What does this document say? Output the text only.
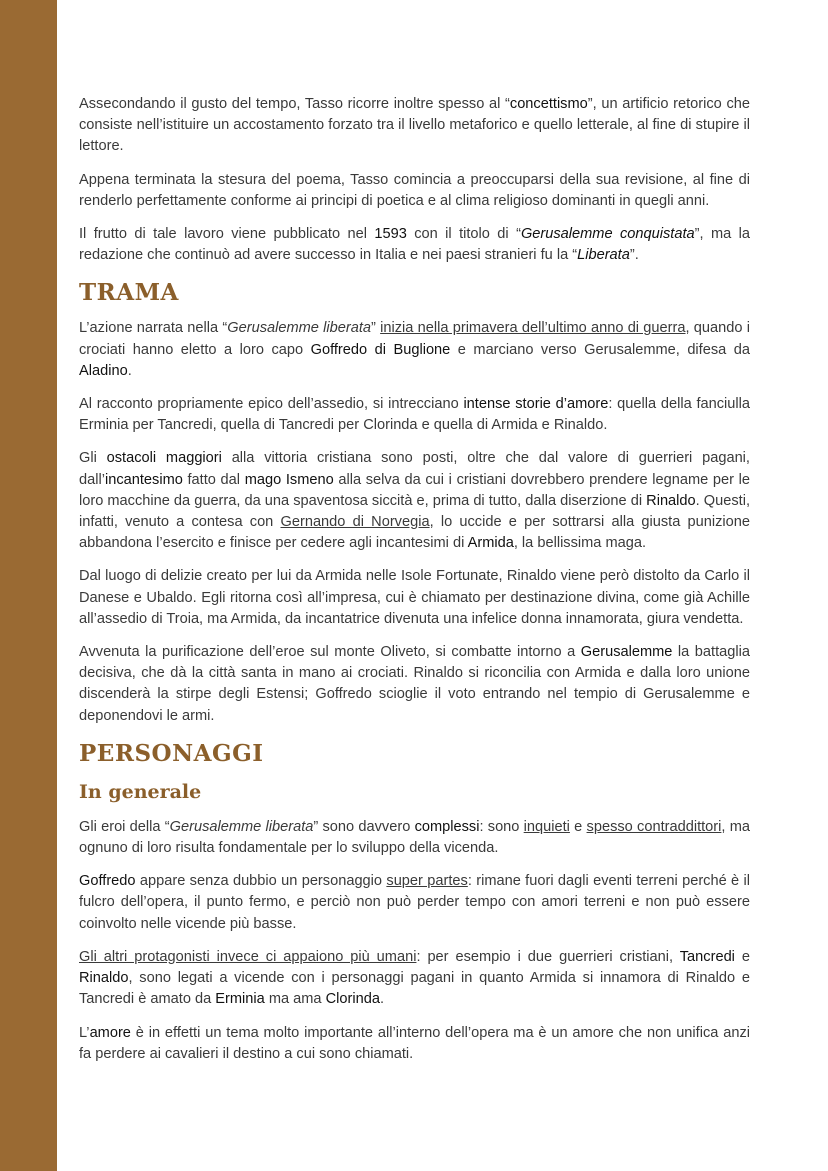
Assecondando il gusto del tempo, Tasso ricorre inoltre spesso al “concettismo”, un artificio retorico che consiste nell’istituire un accostamento forzato tra il livello metaforico e quello letterale, al fine di stupire il lettore.

Appena terminata la stesura del poema, Tasso comincia a preoccuparsi della sua revisione, al fine di renderlo perfettamente conforme ai principi di poetica e al clima religioso dominanti in quegli anni.

Il frutto di tale lavoro viene pubblicato nel 1593 con il titolo di “Gerusalemme conquistata”, ma la redazione che continuò ad avere successo in Italia e nei paesi stranieri fu la “Liberata”.

TRAMA

L’azione narrata nella “Gerusalemme liberata” inizia nella primavera dell’ultimo anno di guerra, quando i crociati hanno eletto a loro capo Goffredo di Buglione e marciano verso Gerusalemme, difesa da Aladino.

Al racconto propriamente epico dell’assedio, si intrecciano intense storie d’amore: quella della fanciulla Erminia per Tancredi, quella di Tancredi per Clorinda e quella di Armida e Rinaldo.

Gli ostacoli maggiori alla vittoria cristiana sono posti, oltre che dal valore di guerrieri pagani, dall’incantesimo fatto dal mago Ismeno alla selva da cui i cristiani dovrebbero prendere legname per le loro macchine da guerra, da una spaventosa siccità e, prima di tutto, dalla diserzione di Rinaldo. Questi, infatti, venuto a contesa con Gernando di Norvegia, lo uccide e per sottrarsi alla giusta punizione abbandona l’esercito e finisce per cedere agli incantesimi di Armida, la bellissima maga.

Dal luogo di delizie creato per lui da Armida nelle Isole Fortunate, Rinaldo viene però distolto da Carlo il Danese e Ubaldo. Egli ritorna così all’impresa, cui è chiamato per destinazione divina, come già Achille all’assedio di Troia, ma Armida, da incantatrice divenuta una infelice donna innamorata, giura vendetta.

Avvenuta la purificazione dell’eroe sul monte Oliveto, si combatte intorno a Gerusalemme la battaglia decisiva, che dà la città santa in mano ai crociati. Rinaldo si riconcilia con Armida e dalla loro unione discenderà la stirpe degli Estensi; Goffredo scioglie il voto entrando nel tempio di Gerusalemme e deponendovi le armi.

PERSONAGGI
In generale

Gli eroi della “Gerusalemme liberata” sono davvero complessi: sono inquieti e spesso contraddittori, ma ognuno di loro risulta fondamentale per lo sviluppo della vicenda.

Goffredo appare senza dubbio un personaggio super partes: rimane fuori dagli eventi terreni perché è il fulcro dell’opera, il punto fermo, e perciò non può perder tempo con amori terreni e non può essere coinvolto nelle vicende più basse.

Gli altri protagonisti invece ci appaiono più umani: per esempio i due guerrieri cristiani, Tancredi e Rinaldo, sono legati a vicende con i personaggi pagani in quanto Armida si innamora di Rinaldo e Tancredi è amato da Erminia ma ama Clorinda.

L’amore è in effetti un tema molto importante all’interno dell’opera ma è un amore che non unifica anzi fa perdere ai cavalieri il destino a cui sono chiamati.
